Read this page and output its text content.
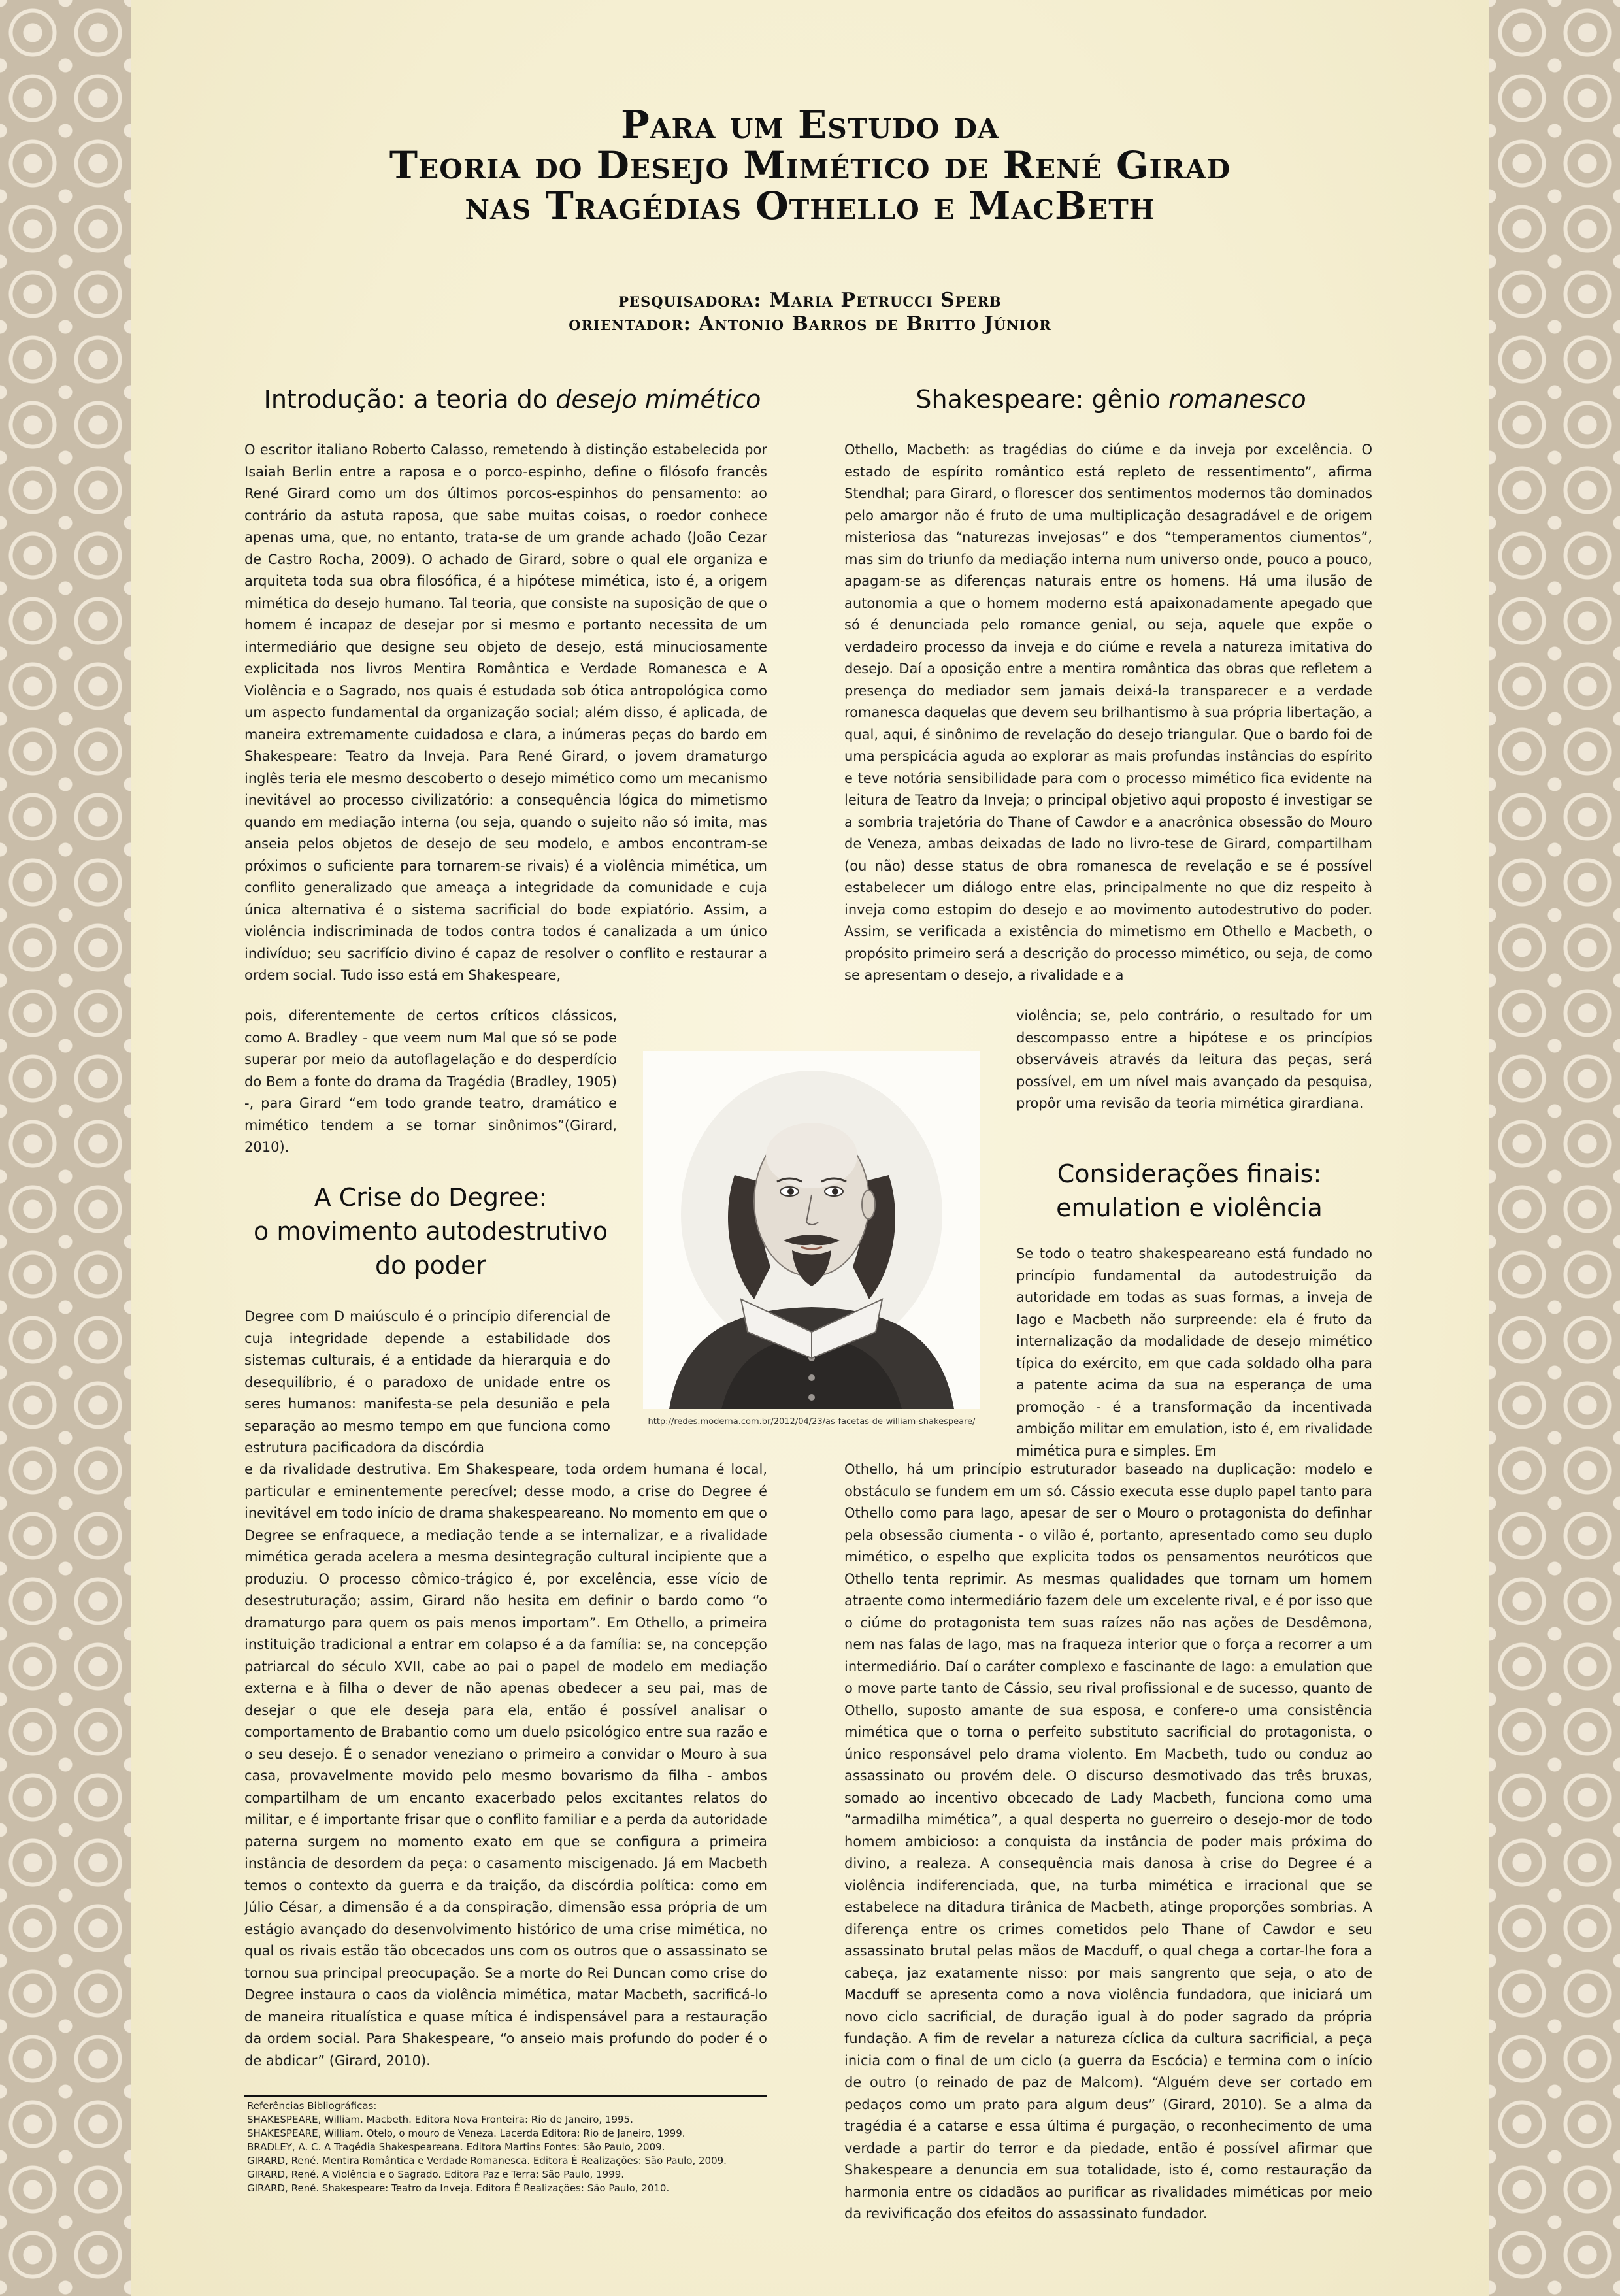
Para um Estudo da
Teoria do Desejo Mimético de René Girad
nas Tragédias Othello e MacBeth
pesquisadora: Maria Petrucci Sperb
orientador: Antonio Barros de Britto Júnior
Introdução: a teoria do desejo mimético
O escritor italiano Roberto Calasso, remetendo à distinção estabelecida por Isaiah Berlin entre a raposa e o porco-espinho, define o filósofo francês René Girard como um dos últimos porcos-espinhos do pensamento: ao contrário da astuta raposa, que sabe muitas coisas, o roedor conhece apenas uma, que, no entanto, trata-se de um grande achado (João Cezar de Castro Rocha, 2009). O achado de Girard, sobre o qual ele organiza e arquiteta toda sua obra filosófica, é a hipótese mimética, isto é, a origem mimética do desejo humano. Tal teoria, que consiste na suposição de que o homem é incapaz de desejar por si mesmo e portanto necessita de um intermediário que designe seu objeto de desejo, está minuciosamente explicitada nos livros Mentira Romântica e Verdade Romanesca e A Violência e o Sagrado, nos quais é estudada sob ótica antropológica como um aspecto fundamental da organização social; além disso, é aplicada, de maneira extremamente cuidadosa e clara, a inúmeras peças do bardo em Shakespeare: Teatro da Inveja. Para René Girard, o jovem dramaturgo inglês teria ele mesmo descoberto o desejo mimético como um mecanismo inevitável ao processo civilizatório: a consequência lógica do mimetismo quando em mediação interna (ou seja, quando o sujeito não só imita, mas anseia pelos objetos de desejo de seu modelo, e ambos encontram-se próximos o suficiente para tornarem-se rivais) é a violência mimética, um conflito generalizado que ameaça a integridade da comunidade e cuja única alternativa é o sistema sacrificial do bode expiatório. Assim, a violência indiscriminada de todos contra todos é canalizada a um único indivíduo; seu sacrifício divino é capaz de resolver o conflito e restaurar a ordem social. Tudo isso está em Shakespeare,
pois, diferentemente de certos críticos clássicos, como A. Bradley - que veem num Mal que só se pode superar por meio da autoflagelação e do desperdício do Bem a fonte do drama da Tragédia (Bradley, 1905) -, para Girard “em todo grande teatro, dramático e mimético tendem a se tornar sinônimos”(Girard, 2010).
A Crise do Degree:
o movimento autodestrutivo
do poder
Degree com D maiúsculo é o princípio diferencial de cuja integridade depende a estabilidade dos sistemas culturais, é a entidade da hierarquia e do desequilíbrio, é o paradoxo de unidade entre os seres humanos: manifesta-se pela desunião e pela separação ao mesmo tempo em que funciona como estrutura pacificadora da discórdia
e da rivalidade destrutiva. Em Shakespeare, toda ordem humana é local, particular e eminentemente perecível; desse modo, a crise do Degree é inevitável em todo início de drama shakespeareano. No momento em que o Degree se enfraquece, a mediação tende a se internalizar, e a rivalidade mimética gerada acelera a mesma desintegração cultural incipiente que a produziu. O processo cômico-trágico é, por excelência, esse vício de desestruturação; assim, Girard não hesita em definir o bardo como “o dramaturgo para quem os pais menos importam”. Em Othello, a primeira instituição tradicional a entrar em colapso é a da família: se, na concepção patriarcal do século XVII, cabe ao pai o papel de modelo em mediação externa e à filha o dever de não apenas obedecer a seu pai, mas de desejar o que ele deseja para ela, então é possível analisar o comportamento de Brabantio como um duelo psicológico entre sua razão e o seu desejo. É o senador veneziano o primeiro a convidar o Mouro à sua casa, provavelmente movido pelo mesmo bovarismo da filha - ambos compartilham de um encanto exacerbado pelos excitantes relatos do militar, e é importante frisar que o conflito familiar e a perda da autoridade paterna surgem no momento exato em que se configura a primeira instância de desordem da peça: o casamento miscigenado. Já em Macbeth temos o contexto da guerra e da traição, da discórdia política: como em Júlio César, a dimensão é a da conspiração, dimensão essa própria de um estágio avançado do desenvolvimento histórico de uma crise mimética, no qual os rivais estão tão obcecados uns com os outros que o assassinato se tornou sua principal preocupação. Se a morte do Rei Duncan como crise do Degree instaura o caos da violência mimética, matar Macbeth, sacrificá-lo de maneira ritualística e quase mítica é indispensável para a restauração da ordem social. Para Shakespeare, “o anseio mais profundo do poder é o de abdicar” (Girard, 2010).
Shakespeare: gênio romanesco
Othello, Macbeth: as tragédias do ciúme e da inveja por excelência. O estado de espírito romântico está repleto de ressentimento”, afirma Stendhal; para Girard, o florescer dos sentimentos modernos tão dominados pelo amargor não é fruto de uma multiplicação desagradável e de origem misteriosa das “naturezas invejosas” e dos “temperamentos ciumentos”, mas sim do triunfo da mediação interna num universo onde, pouco a pouco, apagam-se as diferenças naturais entre os homens. Há uma ilusão de autonomia a que o homem moderno está apaixonadamente apegado que só é denunciada pelo romance genial, ou seja, aquele que expõe o verdadeiro processo da inveja e do ciúme e revela a natureza imitativa do desejo. Daí a oposição entre a mentira romântica das obras que refletem a presença do mediador sem jamais deixá-la transparecer e a verdade romanesca daquelas que devem seu brilhantismo à sua própria libertação, a qual, aqui, é sinônimo de revelação do desejo triangular. Que o bardo foi de uma perspicácia aguda ao explorar as mais profundas instâncias do espírito e teve notória sensibilidade para com o processo mimético fica evidente na leitura de Teatro da Inveja; o principal objetivo aqui proposto é investigar se a sombria trajetória do Thane of Cawdor e a anacrônica obsessão do Mouro de Veneza, ambas deixadas de lado no livro-tese de Girard, compartilham (ou não) desse status de obra romanesca de revelação e se é possível estabelecer um diálogo entre elas, principalmente no que diz respeito à inveja como estopim do desejo e ao movimento autodestrutivo do poder. Assim, se verificada a existência do mimetismo em Othello e Macbeth, o propósito primeiro será a descrição do processo mimético, ou seja, de como se apresentam o desejo, a rivalidade e a
violência; se, pelo contrário, o resultado for um descompasso entre a hipótese e os princípios observáveis através da leitura das peças, será possível, em um nível mais avançado da pesquisa, propôr uma revisão da teoria mimética girardiana.
Considerações finais:
emulation e violência
Se todo o teatro shakespeareano está fundado no princípio fundamental da autodestruição da autoridade em todas as suas formas, a inveja de Iago e Macbeth não surpreende: ela é fruto da internalização da modalidade de desejo mimético típica do exército, em que cada soldado olha para a patente acima da sua na esperança de uma promoção - é a transformação da incentivada ambição militar em emulation, isto é, em rivalidade mimética pura e simples. Em
Othello, há um princípio estruturador baseado na duplicação: modelo e obstáculo se fundem em um só. Cássio executa esse duplo papel tanto para Othello como para Iago, apesar de ser o Mouro o protagonista do definhar pela obsessão ciumenta - o vilão é, portanto, apresentado como seu duplo mimético, o espelho que explicita todos os pensamentos neuróticos que Othello tenta reprimir. As mesmas qualidades que tornam um homem atraente como intermediário fazem dele um excelente rival, e é por isso que o ciúme do protagonista tem suas raízes não nas ações de Desdêmona, nem nas falas de Iago, mas na fraqueza interior que o força a recorrer a um intermediário. Daí o caráter complexo e fascinante de Iago: a emulation que o move parte tanto de Cássio, seu rival profissional e de sucesso, quanto de Othello, suposto amante de sua esposa, e confere-o uma consistência mimética que o torna o perfeito substituto sacrificial do protagonista, o único responsável pelo drama violento. Em Macbeth, tudo ou conduz ao assassinato ou provém dele. O discurso desmotivado das três bruxas, somado ao incentivo obcecado de Lady Macbeth, funciona como uma “armadilha mimética”, a qual desperta no guerreiro o desejo-mor de todo homem ambicioso: a conquista da instância de poder mais próxima do divino, a realeza. A consequência mais danosa à crise do Degree é a violência indiferenciada, que, na turba mimética e irracional que se estabelece na ditadura tirânica de Macbeth, atinge proporções sombrias. A diferença entre os crimes cometidos pelo Thane of Cawdor e seu assassinato brutal pelas mãos de Macduff, o qual chega a cortar-lhe fora a cabeça, jaz exatamente nisso: por mais sangrento que seja, o ato de Macduff se apresenta como a nova violência fundadora, que iniciará um novo ciclo sacrificial, de duração igual à do poder sagrado da própria fundação. A fim de revelar a natureza cíclica da cultura sacrificial, a peça inicia com o final de um ciclo (a guerra da Escócia) e termina com o início de outro (o reinado de paz de Malcom). “Alguém deve ser cortado em pedaços como um prato para algum deus” (Girard, 2010). Se a alma da tragédia é a catarse e essa última é purgação, o reconhecimento de uma verdade a partir do terror e da piedade, então é possível afirmar que Shakespeare a denuncia em sua totalidade, isto é, como restauração da harmonia entre os cidadãos ao purificar as rivalidades miméticas por meio da revivificação dos efeitos do assassinato fundador.
http://redes.moderna.com.br/2012/04/23/as-facetas-de-william-shakespeare/
Referências Bibliográficas:
SHAKESPEARE, William. Macbeth. Editora Nova Fronteira: Rio de Janeiro, 1995.
SHAKESPEARE, William. Otelo, o mouro de Veneza. Lacerda Editora: Rio de Janeiro, 1999.
BRADLEY, A. C. A Tragédia Shakespeareana. Editora Martins Fontes: São Paulo, 2009.
GIRARD, René. Mentira Romântica e Verdade Romanesca. Editora É Realizações: São Paulo, 2009.
GIRARD, René. A Violência e o Sagrado. Editora Paz e Terra: São Paulo, 1999.
GIRARD, René. Shakespeare: Teatro da Inveja. Editora É Realizações: São Paulo, 2010.
